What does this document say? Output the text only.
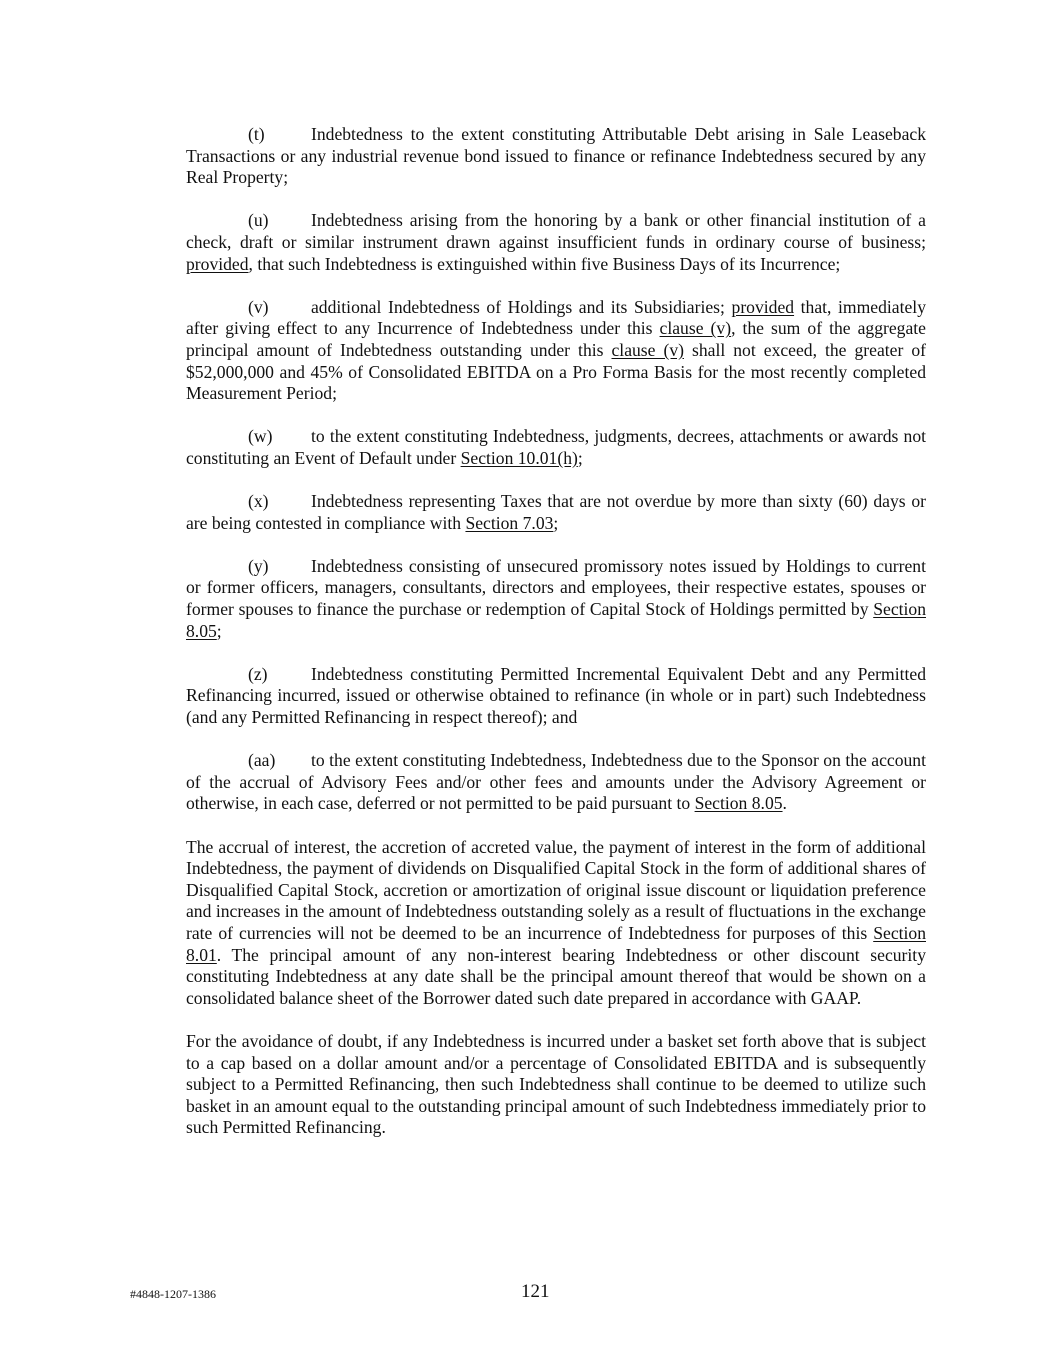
(t)	Indebtedness to the extent constituting Attributable Debt arising in Sale Leaseback Transactions or any industrial revenue bond issued to finance or refinance Indebtedness secured by any Real Property;

(u) Indebtedness arising from the honoring by a bank or other financial institution of a check, draft or similar instrument drawn against insufficient funds in ordinary course of business; provided, that such Indebtedness is extinguished within five Business Days of its Incurrence;

(v) additional Indebtedness of Holdings and its Subsidiaries; provided that, immediately after giving effect to any Incurrence of Indebtedness under this clause (v), the sum of the aggregate principal amount of Indebtedness outstanding under this clause (v) shall not exceed, the greater of $52,000,000 and 45% of Consolidated EBITDA on a Pro Forma Basis for the most recently completed Measurement Period;

(w) to the extent constituting Indebtedness, judgments, decrees, attachments or awards not constituting an Event of Default under Section 10.01(h);

(x) Indebtedness representing Taxes that are not overdue by more than sixty (60) days or are being contested in compliance with Section 7.03;

(y) Indebtedness consisting of unsecured promissory notes issued by Holdings to current or former officers, managers, consultants, directors and employees, their respective estates, spouses or former spouses to finance the purchase or redemption of Capital Stock of Holdings permitted by Section 8.05;

(z) Indebtedness constituting Permitted Incremental Equivalent Debt and any Permitted Refinancing incurred, issued or otherwise obtained to refinance (in whole or in part) such Indebtedness (and any Permitted Refinancing in respect thereof); and

(aa) to the extent constituting Indebtedness, Indebtedness due to the Sponsor on the account of the accrual of Advisory Fees and/or other fees and amounts under the Advisory Agreement or otherwise, in each case, deferred or not permitted to be paid pursuant to Section 8.05.

The accrual of interest, the accretion of accreted value, the payment of interest in the form of additional Indebtedness, the payment of dividends on Disqualified Capital Stock in the form of additional shares of Disqualified Capital Stock, accretion or amortization of original issue discount or liquidation preference and increases in the amount of Indebtedness outstanding solely as a result of fluctuations in the exchange rate of currencies will not be deemed to be an incurrence of Indebtedness for purposes of this Section 8.01. The principal amount of any non-interest bearing Indebtedness or other discount security constituting Indebtedness at any date shall be the principal amount thereof that would be shown on a consolidated balance sheet of the Borrower dated such date prepared in accordance with GAAP.

For the avoidance of doubt, if any Indebtedness is incurred under a basket set forth above that is subject to a cap based on a dollar amount and/or a percentage of Consolidated EBITDA and is subsequently subject to a Permitted Refinancing, then such Indebtedness shall continue to be deemed to utilize such basket in an amount equal to the outstanding principal amount of such Indebtedness immediately prior to such Permitted Refinancing.

#4848-1207-1386	121
